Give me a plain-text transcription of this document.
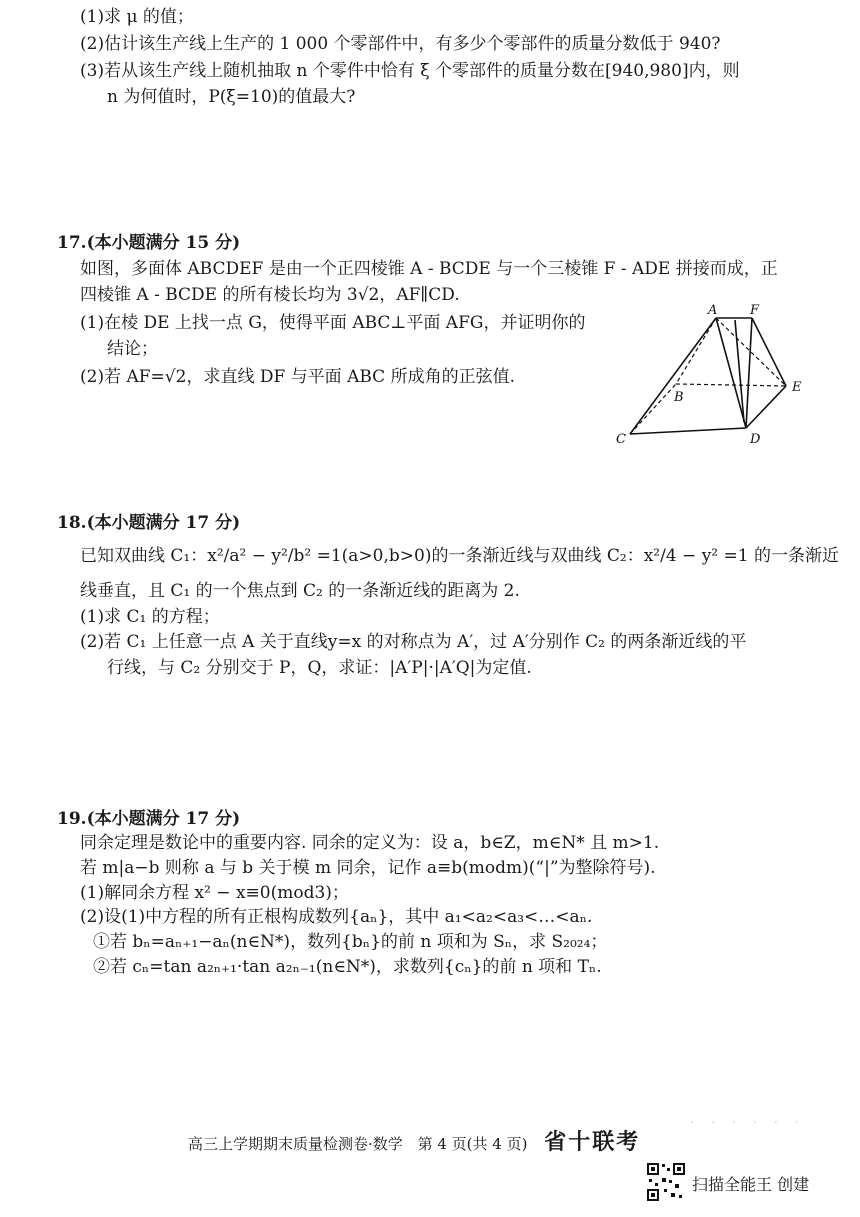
(1)求 μ 的值；
(2)估计该生产线上生产的 1 000 个零部件中，有多少个零部件的质量分数低于 940?
(3)若从该生产线上随机抽取 n 个零件中恰有 ξ 个零部件的质量分数在[940,980]内，则
n 为何值时，P(ξ=10)的值最大?
17.(本小题满分 15 分)
如图，多面体 ABCDEF 是由一个正四棱锥 A - BCDE 与一个三棱锥 F - ADE 拼接而成，正
四棱锥 A - BCDE 的所有棱长均为 3√2，AF∥CD.
(1)在棱 DE 上找一点 G，使得平面 ABC⊥平面 AFG，并证明你的
结论；
(2)若 AF=√2，求直线 DF 与平面 ABC 所成角的正弦值.
A	F
B
E
C	D
18.(本小题满分 17 分)
已知双曲线 C₁：x²/a² − y²/b² =1(a>0,b>0)的一条渐近线与双曲线 C₂：x²/4 − y² =1 的一条渐近
线垂直，且 C₁ 的一个焦点到 C₂ 的一条渐近线的距离为 2.
(1)求 C₁ 的方程；
(2)若 C₁ 上任意一点 A 关于直线y=x 的对称点为 A′，过 A′分别作 C₂ 的两条渐近线的平
行线，与 C₂ 分别交于 P，Q，求证：|A′P|·|A′Q|为定值.
19.(本小题满分 17 分)
同余定理是数论中的重要内容. 同余的定义为：设 a，b∈Z，m∈N* 且 m>1.
若 m|a−b 则称 a 与 b 关于模 m 同余，记作 a≡b(modm)(“|”为整除符号).
(1)解同余方程 x² − x≡0(mod3)；
(2)设(1)中方程的所有正根构成数列{aₙ}，其中 a₁<a₂<a₃<…<aₙ.
①若 bₙ=aₙ₊₁−aₙ(n∈N*)，数列{bₙ}的前 n 项和为 Sₙ，求 S₂₀₂₄；
②若 cₙ=tan a₂ₙ₊₁·tan a₂ₙ₋₁(n∈N*)，求数列{cₙ}的前 n 项和 Tₙ.
高三上学期期末质量检测卷·数学 第 4 页(共 4 页) 省十联考
· · · · · ·
扫描全能王 创建
